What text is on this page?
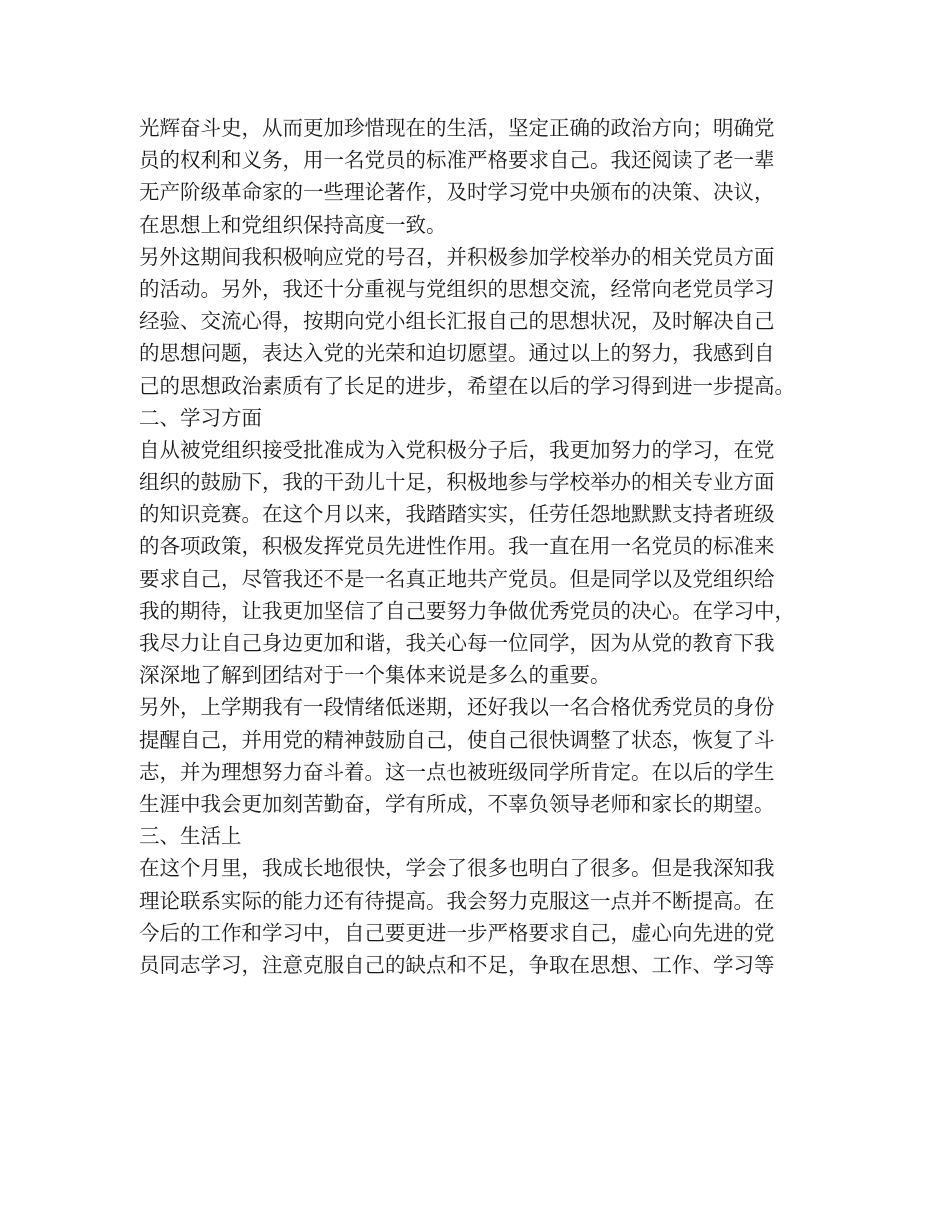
光辉奋斗史，从而更加珍惜现在的生活，坚定正确的政治方向；明确党
员的权利和义务，用一名党员的标准严格要求自己。我还阅读了老一辈
无产阶级革命家的一些理论著作，及时学习党中央颁布的决策、决议，
在思想上和党组织保持高度一致。
另外这期间我积极响应党的号召，并积极参加学校举办的相关党员方面
的活动。另外，我还十分重视与党组织的思想交流，经常向老党员学习
经验、交流心得，按期向党小组长汇报自己的思想状况，及时解决自己
的思想问题，表达入党的光荣和迫切愿望。通过以上的努力，我感到自
己的思想政治素质有了长足的进步，希望在以后的学习得到进一步提高。
二、学习方面
自从被党组织接受批准成为入党积极分子后，我更加努力的学习，在党
组织的鼓励下，我的干劲儿十足，积极地参与学校举办的相关专业方面
的知识竞赛。在这个月以来，我踏踏实实，任劳任怨地默默支持者班级
的各项政策，积极发挥党员先进性作用。我一直在用一名党员的标准来
要求自己，尽管我还不是一名真正地共产党员。但是同学以及党组织给
我的期待，让我更加坚信了自己要努力争做优秀党员的决心。在学习中，
我尽力让自己身边更加和谐，我关心每一位同学，因为从党的教育下我
深深地了解到团结对于一个集体来说是多么的重要。
另外，上学期我有一段情绪低迷期，还好我以一名合格优秀党员的身份
提醒自己，并用党的精神鼓励自己，使自己很快调整了状态，恢复了斗
志，并为理想努力奋斗着。这一点也被班级同学所肯定。在以后的学生
生涯中我会更加刻苦勤奋，学有所成，不辜负领导老师和家长的期望。
三、生活上
在这个月里，我成长地很快，学会了很多也明白了很多。但是我深知我
理论联系实际的能力还有待提高。我会努力克服这一点并不断提高。在
今后的工作和学习中，自己要更进一步严格要求自己，虚心向先进的党
员同志学习，注意克服自己的缺点和不足，争取在思想、工作、学习等
